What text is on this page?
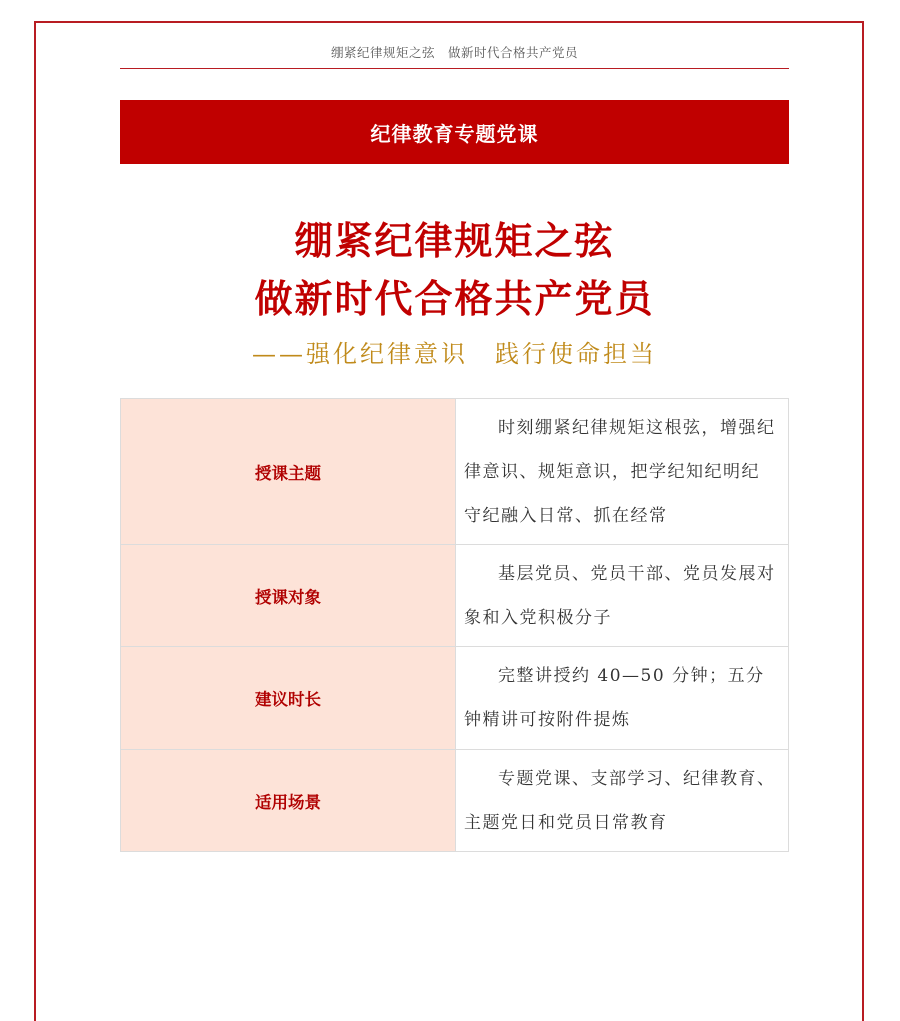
绷紧纪律规矩之弦　做新时代合格共产党员
纪律教育专题党课
绷紧纪律规矩之弦
做新时代合格共产党员
——强化纪律意识　践行使命担当
授课主题	时刻绷紧纪律规矩这根弦，增强纪律意识、规矩意识，把学纪知纪明纪守纪融入日常、抓在经常
授课对象	基层党员、党员干部、党员发展对象和入党积极分子
建议时长	完整讲授约 40—50 分钟；五分钟精讲可按附件提炼
适用场景	专题党课、支部学习、纪律教育、主题党日和党员日常教育
